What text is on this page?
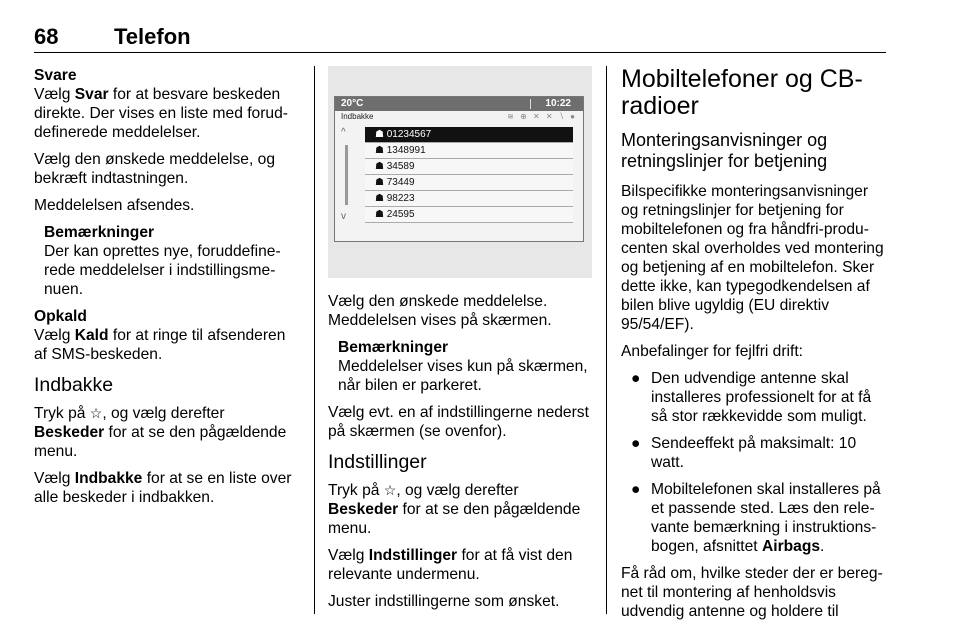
68	Telefon
Svare

Vælg Svar for at besvare beskeden direkte. Der vises en liste med foruddefinerede meddelelser.

Vælg den ønskede meddelelse, og bekræft indtastningen.

Meddelelsen afsendes.

Bemærkninger
Der kan oprettes nye, foruddefinerede meddelelser i indstillingsmenuen.
Opkald

Vælg Kald for at ringe til afsenderen af SMS-beskeden.

Indbakke

Tryk på ☆, og vælg derefter Beskeder for at se den pågældende menu.

Vælg Indbakke for at se en liste over alle beskeder i indbakken.

20°C	10:22
Indbakke	≋ ⊕ ✕ ✕ ∖ ●
^
v
☗ 01234567
☗ 1348991
☗ 34589
☗ 73449
☗ 98223
☗ 24595

Vælg den ønskede meddelelse. Meddelelsen vises på skærmen.

Bemærkninger
Meddelelser vises kun på skærmen, når bilen er parkeret.

Vælg evt. en af indstillingerne nederst på skærmen (se ovenfor).

Indstillinger

Tryk på ☆, og vælg derefter Beskeder for at se den pågældende menu.

Vælg Indstillinger for at få vist den relevante undermenu.

Juster indstillingerne som ønsket.

Mobiltelefoner og CB-radioer
Monteringsanvisninger og retningslinjer for betjening

Bilspecifikke monteringsanvisninger og retningslinjer for betjening for mobiltelefonen og fra håndfri-producenten skal overholdes ved montering og betjening af en mobiltelefon. Sker dette ikke, kan typegodkendelsen af bilen blive ugyldig (EU direktiv 95/54/EF).

Anbefalinger for fejlfri drift:

● Den udvendige antenne skal installeres professionelt for at få så stor rækkevidde som muligt.
● Sendeeffekt på maksimalt: 10 watt.
● Mobiltelefonen skal installeres på et passende sted. Læs den relevante bemærkning i instruktionsbogen, afsnittet Airbags.

Få råd om, hvilke steder der er beregnet til montering af henholdsvis udvendig antenne og holdere til
